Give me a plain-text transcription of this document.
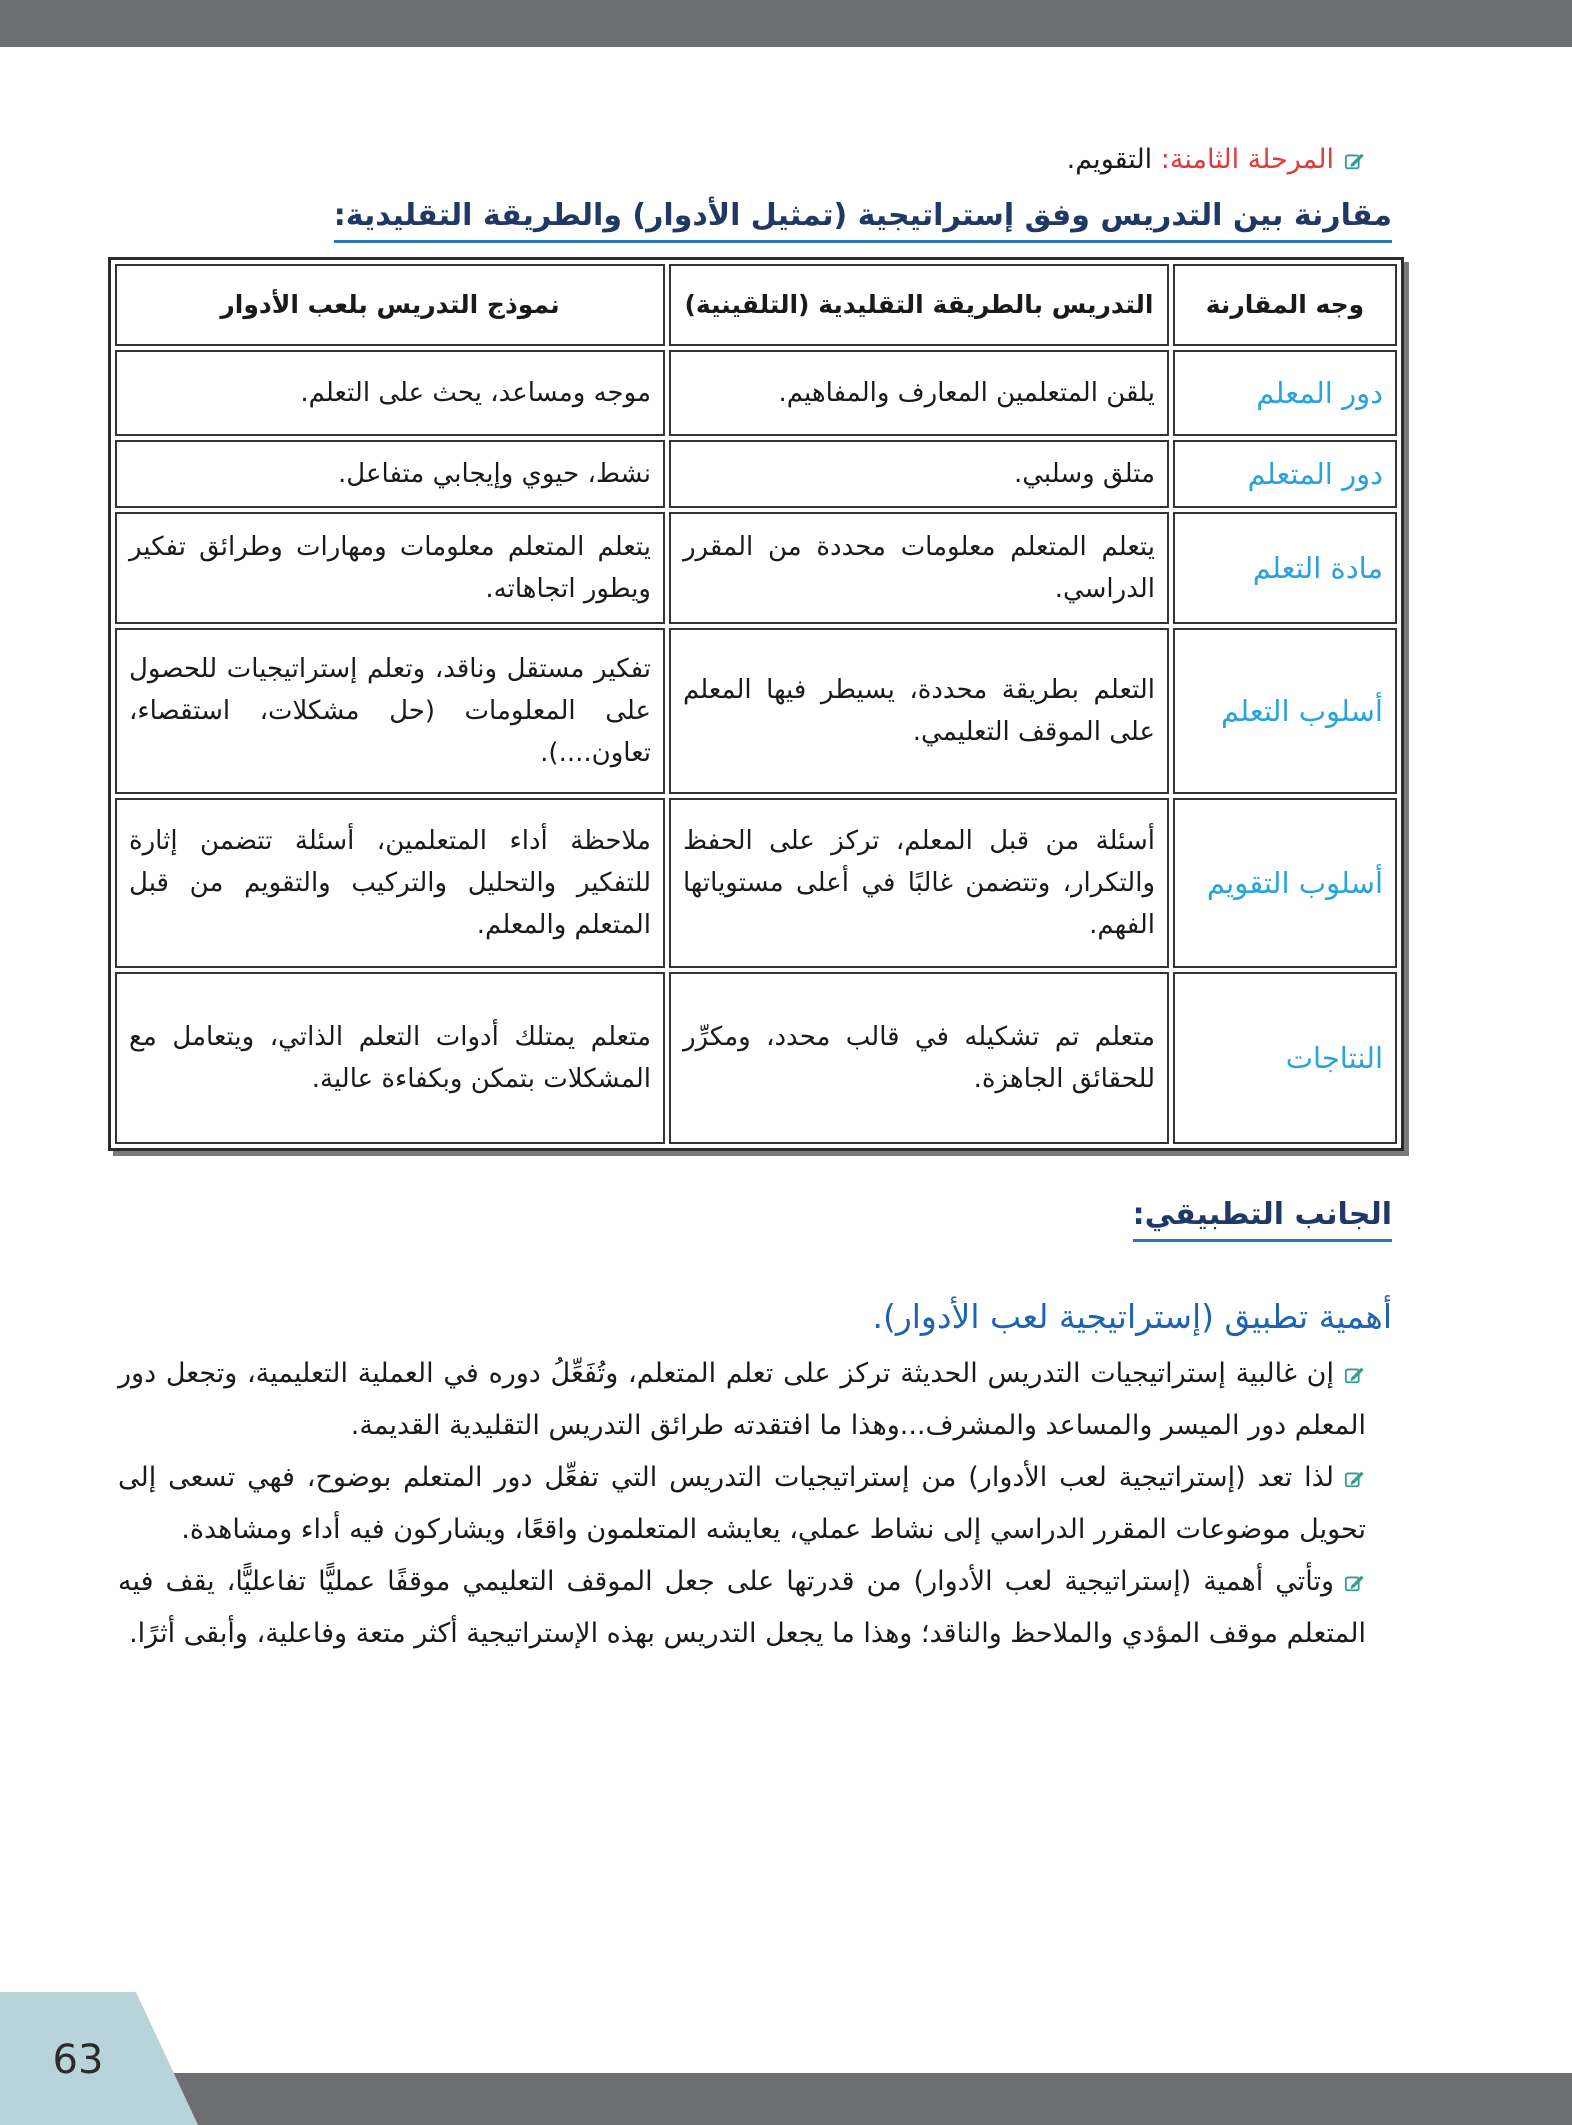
المرحلة الثامنة: التقويم.

مقارنة بين التدريس وفق إستراتيجية (تمثيل الأدوار) والطريقة التقليدية:
وجه المقارنة	التدريس بالطريقة التقليدية (التلقينية)	نموذج التدريس بلعب الأدوار
دور المعلم	يلقن المتعلمين المعارف والمفاهيم.	موجه ومساعد، يحث على التعلم.
دور المتعلم	متلق وسلبي.	نشط، حيوي وإيجابي متفاعل.
مادة التعلم	يتعلم المتعلم معلومات محددة من المقرر الدراسي.	يتعلم المتعلم معلومات ومهارات وطرائق تفكير ويطور اتجاهاته.
أسلوب التعلم	التعلم بطريقة محددة، يسيطر فيها المعلم على الموقف التعليمي.	تفكير مستقل وناقد، وتعلم إستراتيجيات للحصول على المعلومات (حل مشكلات، استقصاء، تعاون....).
أسلوب التقويم	أسئلة من قبل المعلم، تركز على الحفظ والتكرار، وتتضمن غالبًا في أعلى مستوياتها الفهم.	ملاحظة أداء المتعلمين، أسئلة تتضمن إثارة للتفكير والتحليل والتركيب والتقويم من قبل المتعلم والمعلم.
النتاجات	متعلم تم تشكيله في قالب محدد، ومكرِّر للحقائق الجاهزة.	متعلم يمتلك أدوات التعلم الذاتي، ويتعامل مع المشكلات بتمكن وبكفاءة عالية.
الجانب التطبيقي:

أهمية تطبيق (إستراتيجية لعب الأدوار).

إن غالبية إستراتيجيات التدريس الحديثة تركز على تعلم المتعلم، وتُفَعِّلُ دوره في العملية التعليمية، وتجعل دور المعلم دور الميسر والمساعد والمشرف...وهذا ما افتقدته طرائق التدريس التقليدية القديمة.

لذا تعد (إستراتيجية لعب الأدوار) من إستراتيجيات التدريس التي تفعِّل دور المتعلم بوضوح، فهي تسعى إلى تحويل موضوعات المقرر الدراسي إلى نشاط عملي، يعايشه المتعلمون واقعًا، ويشاركون فيه أداء ومشاهدة.

وتأتي أهمية (إستراتيجية لعب الأدوار) من قدرتها على جعل الموقف التعليمي موقفًا عمليًّا تفاعليًّا، يقف فيه المتعلم موقف المؤدي والملاحظ والناقد؛ وهذا ما يجعل التدريس بهذه الإستراتيجية أكثر متعة وفاعلية، وأبقى أثرًا.

63
